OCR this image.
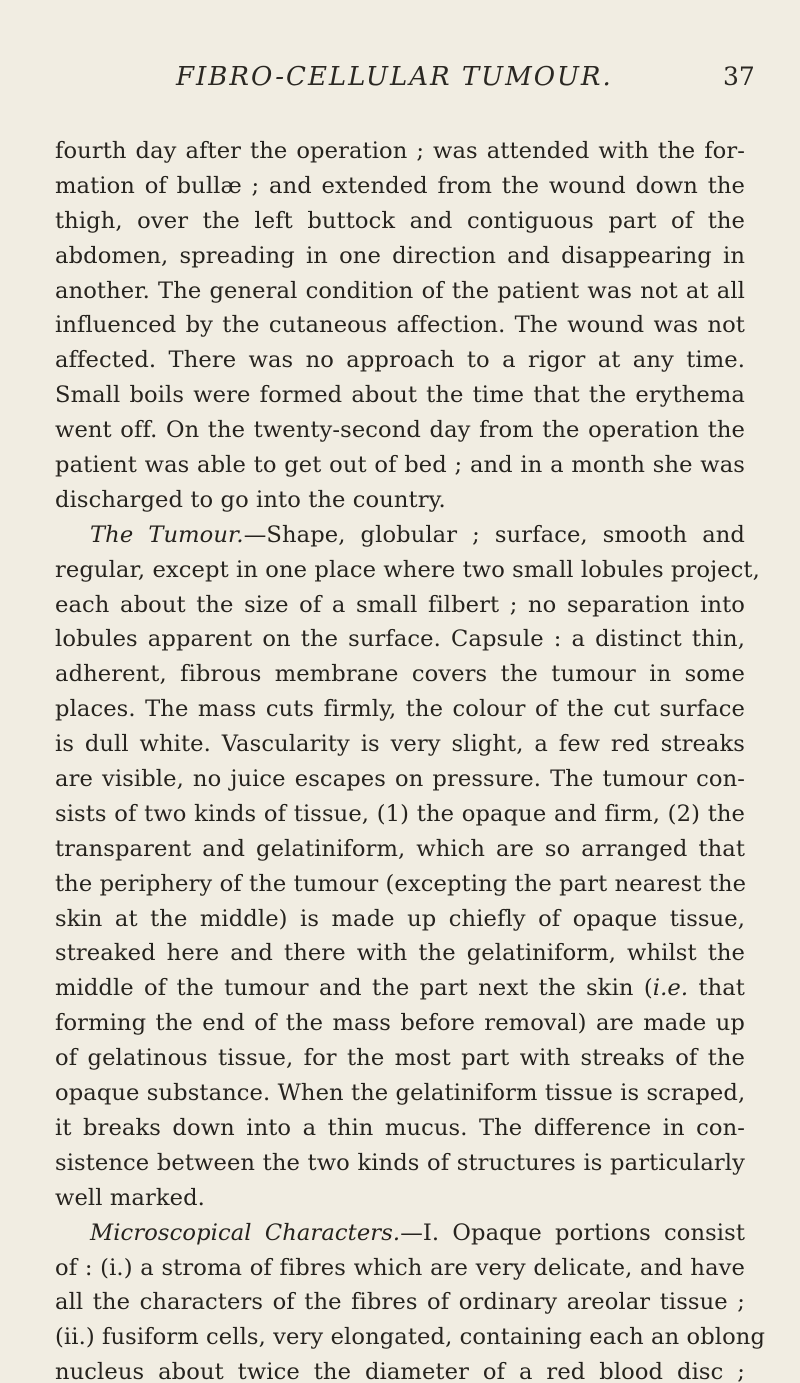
FIBRO-CELLULAR TUMOUR.	37
fourth day after the operation ; was attended with the for-
mation of bullæ ; and extended from the wound down the
thigh, over the left buttock and contiguous part of the
abdomen, spreading in one direction and disappearing in
another. The general condition of the patient was not at all
influenced by the cutaneous affection. The wound was not
affected. There was no approach to a rigor at any time.
Small boils were formed about the time that the erythema
went off. On the twenty-second day from the operation the
patient was able to get out of bed ; and in a month she was
discharged to go into the country.
The Tumour.—Shape, globular ; surface, smooth and
regular, except in one place where two small lobules project,
each about the size of a small filbert ; no separation into
lobules apparent on the surface. Capsule : a distinct thin,
adherent, fibrous membrane covers the tumour in some
places. The mass cuts firmly, the colour of the cut surface
is dull white. Vascularity is very slight, a few red streaks
are visible, no juice escapes on pressure. The tumour con-
sists of two kinds of tissue, (1) the opaque and firm, (2) the
transparent and gelatiniform, which are so arranged that
the periphery of the tumour (excepting the part nearest the
skin at the middle) is made up chiefly of opaque tissue,
streaked here and there with the gelatiniform, whilst the
middle of the tumour and the part next the skin (i.e. that
forming the end of the mass before removal) are made up
of gelatinous tissue, for the most part with streaks of the
opaque substance. When the gelatiniform tissue is scraped,
it breaks down into a thin mucus. The difference in con-
sistence between the two kinds of structures is particularly
well marked.
Microscopical Characters.—I. Opaque portions consist
of : (i.) a stroma of fibres which are very delicate, and have
all the characters of the fibres of ordinary areolar tissue ;
(ii.) fusiform cells, very elongated, containing each an oblong
nucleus about twice the diameter of a red blood disc ;
